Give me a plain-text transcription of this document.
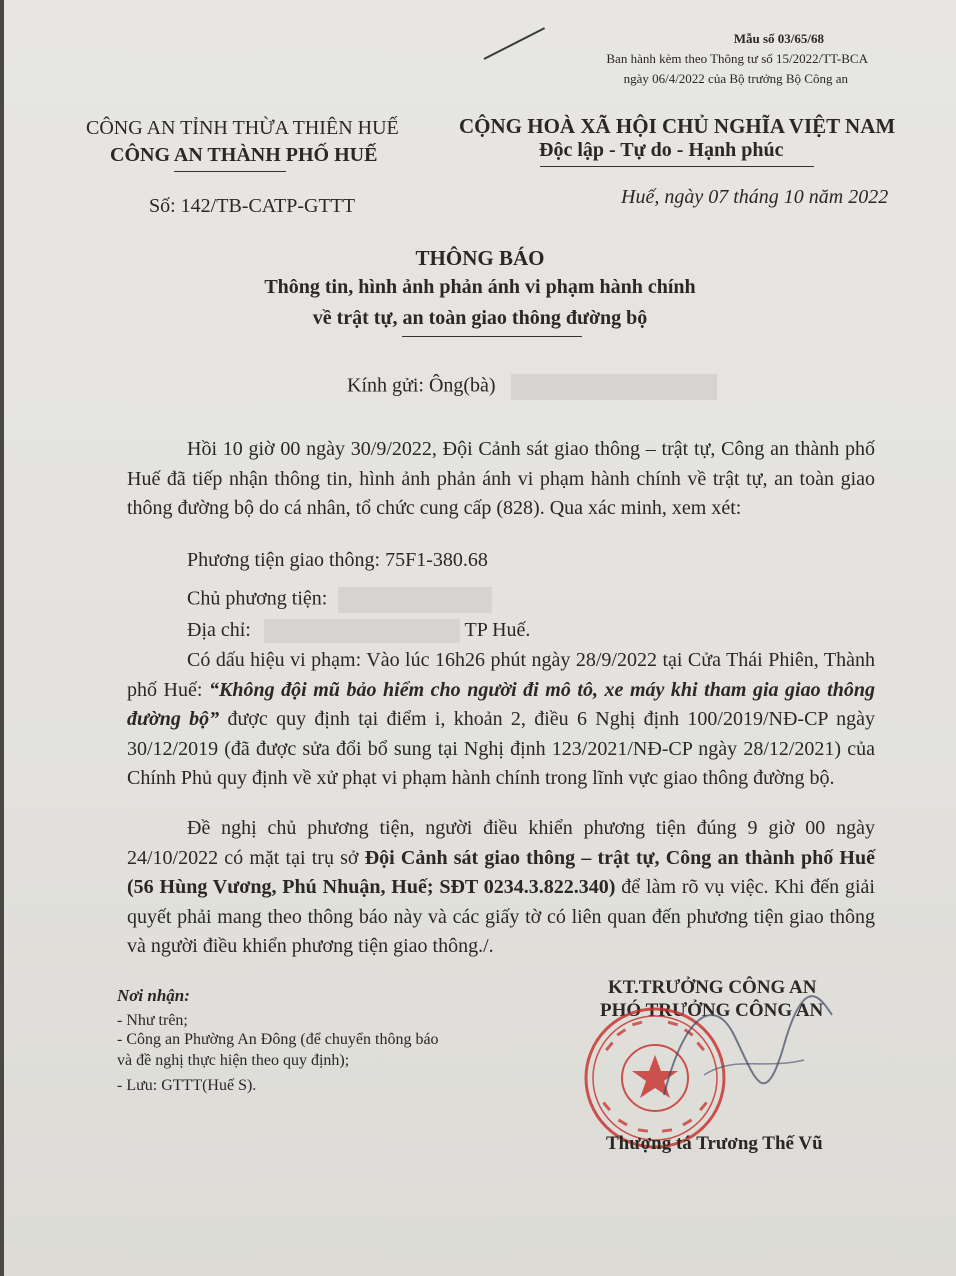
Mẫu số 03/65/68
Ban hành kèm theo Thông tư số 15/2022/TT-BCA
ngày 06/4/2022 của Bộ trưởng Bộ Công an
CÔNG AN TỈNH THỪA THIÊN HUẾ
CÔNG AN THÀNH PHỐ HUẾ
CỘNG HOÀ XÃ HỘI CHỦ NGHĨA VIỆT NAM
Độc lập - Tự do - Hạnh phúc
Số: 142/TB-CATP-GTTT	Huế, ngày 07 tháng 10 năm 2022
THÔNG BÁO
Thông tin, hình ảnh phản ánh vi phạm hành chính
về trật tự, an toàn giao thông đường bộ
Kính gửi: Ông(bà)
Hồi 10 giờ 00 ngày 30/9/2022, Đội Cảnh sát giao thông – trật tự, Công an thành phố Huế đã tiếp nhận thông tin, hình ảnh phản ánh vi phạm hành chính về trật tự, an toàn giao thông đường bộ do cá nhân, tổ chức cung cấp (828). Qua xác minh, xem xét:
Phương tiện giao thông: 75F1-380.68
Chủ phương tiện:
Địa chỉ:	TP Huế.
Có dấu hiệu vi phạm: Vào lúc 16h26 phút ngày 28/9/2022 tại Cửa Thái Phiên, Thành phố Huế: “Không đội mũ bảo hiểm cho người đi mô tô, xe máy khi tham gia giao thông đường bộ” được quy định tại điểm i, khoản 2, điều 6 Nghị định 100/2019/NĐ-CP ngày 30/12/2019 (đã được sửa đổi bổ sung tại Nghị định 123/2021/NĐ-CP ngày 28/12/2021) của Chính Phủ quy định về xử phạt vi phạm hành chính trong lĩnh vực giao thông đường bộ.
Đề nghị chủ phương tiện, người điều khiển phương tiện đúng 9 giờ 00 ngày 24/10/2022 có mặt tại trụ sở Đội Cảnh sát giao thông – trật tự, Công an thành phố Huế (56 Hùng Vương, Phú Nhuận, Huế; SĐT 0234.3.822.340) để làm rõ vụ việc. Khi đến giải quyết phải mang theo thông báo này và các giấy tờ có liên quan đến phương tiện giao thông và người điều khiển phương tiện giao thông./.
Nơi nhận:
- Như trên;
- Công an Phường An Đông (để chuyển thông báo
và đề nghị thực hiện theo quy định);
- Lưu: GTTT(Huế S).
KT.TRƯỞNG CÔNG AN
PHÓ TRƯỞNG CÔNG AN
Thượng tá Trương Thế Vũ
